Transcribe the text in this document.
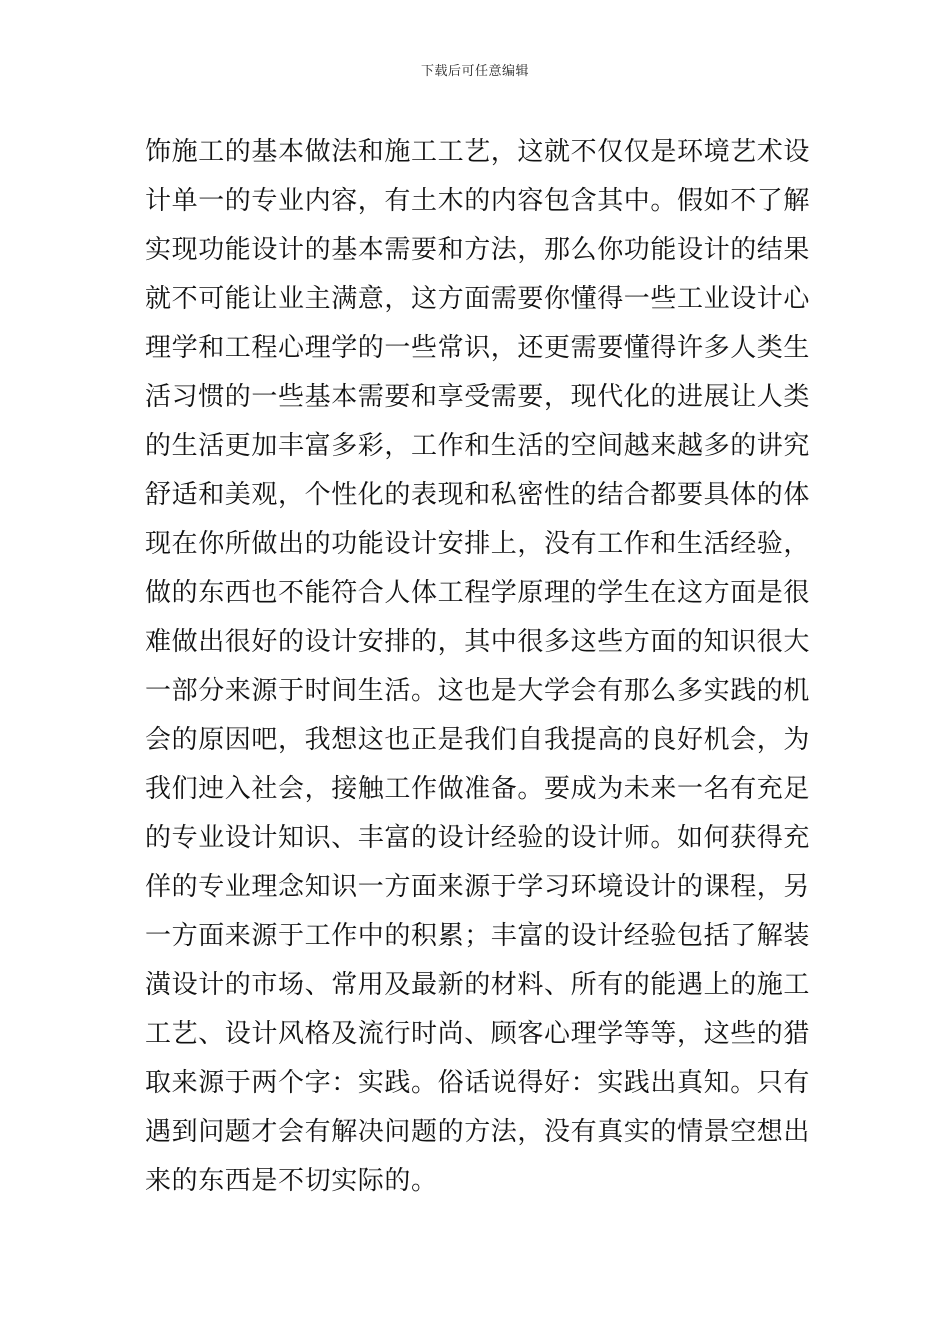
下载后可任意编辑
饰施工的基本做法和施工工艺，这就不仅仅是环境艺术设
计单一的专业内容，有土木的内容包含其中。假如不了解
实现功能设计的基本需要和方法，那么你功能设计的结果
就不可能让业主满意，这方面需要你懂得一些工业设计心
理学和工程心理学的一些常识，还更需要懂得许多人类生
活习惯的一些基本需要和享受需要，现代化的进展让人类
的生活更加丰富多彩，工作和生活的空间越来越多的讲究
舒适和美观，个性化的表现和私密性的结合都要具体的体
现在你所做出的功能设计安排上，没有工作和生活经验，
做的东西也不能符合人体工程学原理的学生在这方面是很
难做出很好的设计安排的，其中很多这些方面的知识很大
一部分来源于时间生活。这也是大学会有那么多实践的机
会的原因吧，我想这也正是我们自我提高的良好机会，为
我们迚入社会，接触工作做准备。要成为未来一名有充足
的专业设计知识、丰富的设计经验的设计师。如何获得充
佯的专业理念知识一方面来源于学习环境设计的课程，另
一方面来源于工作中的积累；丰富的设计经验包括了解装
潢设计的市场、常用及最新的材料、所有的能遇上的施工
工艺、设计风格及流行时尚、顾客心理学等等，这些的猎
取来源于两个字：实践。俗话说得好：实践出真知。只有
遇到问题才会有解决问题的方法，没有真实的情景空想出
来的东西是不切实际的。
